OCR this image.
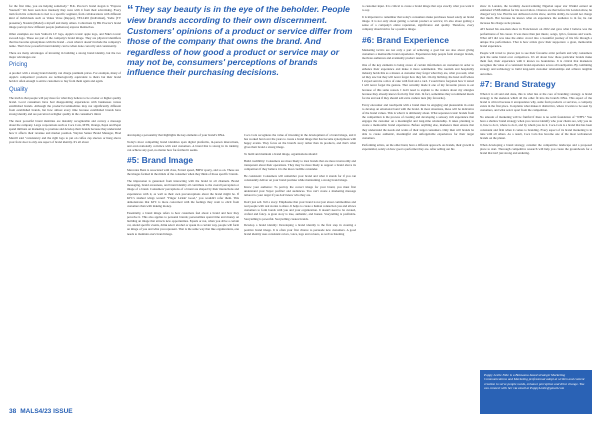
for the first time, you are helping somebody." B.K. Proctor's brand slogan is "Express Yourself." We have seen how intensely they were with it from their advertising. Every item from his collections is tied to a specific segment, from collaborations with different kind of individuals such as Venus Verse (Rapper), TELLRO (Individual), Yadie (TV presenter), Nasiani (Model) a myself and many others. Collections by BK Proctor's brand image portrays how different people (audiences) express themselves.

Other examples are Luis Vuitton's LV logo, Apple's iconic apple logo, and Nike's iconic swoosh logo. These are part of the company's brand image. They are physical identifiers that has become synonymous with the brand – even when it doesn't include the company's name. That's how powerful brand identity can be when done correctly and consistently.

There are many advantages of investing in building a strong brand identity, but the two major advantages are:

Pricing

A product with a strong brand identity can charge premium prices. For example, many of Apple's competitors' products are technologically equivalent to theirs but their brand holds it often enough to entice customers to buy from them again and again.

Quality

The truth is that people will pay more for what they believe to be a better or higher quality brand. Local consumers have had disappointing experiences with businesses versus established brands. Although the product's/commodities may not significantly different from established brands, but how almost every time because established brands have strong identity and are perceived as higher quality in the consumer's mind.

The most powerful brand identities are instantly recognizable and convey a message about the company. Large corporations such as Coca Cola, MTN, Orange, Pepsi and Pepsi spend millions on marketing to promote and develop their brands because they understand how it affects their revenue and market position. Waylon Senior Brand Manager, Brad Merrill said "consistency and the right logo to put on coffee cup sleeves or hang above your front door is only one aspect of brand identity. It's all about

“They say beauty is in the eye of the beholder. People view brands according to their own discernment. Customers' opinions of a product or service differ from those of the company that owns the brand. And regardless of how good a product or service may or may not be, consumers' perceptions of brands influence their purchasing decisions.

developing a personality that highlights the key elements of your brand's DNA.

Today's most compelling brand identities span digital platforms, in-person interactions, and even nationally convince with said customers. A brand that is strong in its identity, can achieve any goal, no matter how far-fetched it seems.

#5: Brand Image

Mercedes Benz is associated with class, Ferrari speed, BMW sporty, and so on. These are the images formed in the minds of the consumer when they think of those specific brands.

The impression is generated from interacting with the brand in all channels. Brand messaging, brand awareness, and brand identity all contribute to the overall perception or image of a brand. Consumers' perceptions of a brand are shaped by their interactions and experiences with it, as well as their own preconceptions about the brand might be. If KFC's slashed wings weren't "Finger Lickin' Good," you wouldn't refer them. This demonstrates that KFC is more concerned with the feelings they want to elicit from customers than with making money.

Essentially, a brand image refers to how customers feel about a brand and how they perceive it. This also applies to personal brands; personalities spend time and money on building an image that attracts new opportunities. Equals or not, when you drive a certain car, attend specific events, drink select alcohol or speak in a certain way, people will form an image of you and what you represent. That is the same way that like organizations, one needs to maintain one's brand image.

Coca Cola recognizes the value of investing in the development of a brand image, and it has worked hard over the years to create a brand image that has become synonymous with happy events. They focus on the brand's story rather than its products, and that's what gives their brand a strong image.

To build and maintain a brand image, organizations should:

Build credibility: Consumers are more likely to trust brands that are more trustworthy and transparent about their operations. They may be more likely to support a brand above its competitors if they believe it is the most credible contender.

Be consistent: Consumers will remember your brand and what it stands for if you can consistently deliver on your brand promise while maintaining a strong brand image.

Know your audience: To portray the correct image for your brand, you must first understand your 'buyer profiles' and audiences. You can't create a marketing message tailored to your target if you don't know who they are.

Don't just sell. Tell a story: Emphasize that your brand is not just about commodities and real people with real stories to share. It helps to create a human connection you and allows customers to form bonds with you and your organization. It doesn't need to be curated, crafted and fancy. A great story is true, authentic, and honest. Storytelling is profitable. Storytelling is powerful. Storytelling creates brands.

Develop a brand identity: Developing a brand identity is the first step in creating a positive brand image. It is often your first chance to persuade new customers. A good brand identity uses consistent colors, voice, logo and colours, as well as listening

to customer input. It is critical to create a brand image that says exactly what you want it to say.

It is important to remember that today's consumers make purchases based solely on brand image. It is not only about getting a certain product or service; it's also about getting a sense of a company's entire reputation, significance and quality. Therefore, every company should strive for a positive image.

#6: Brand Experience

Marketing tactics are not only a part of achieving a goal but are also about giving customers a memorable brand experience. Experiences help people form stronger brands, motivate audiences and eventually product results.

One of the key elements is being aware of certain information on customers in order to enhance their experience and make it more sentimental. The tourism and hospitality industry holds this as a master. A customer may forget what they ate, what you said, what ad they saw but they will never forget how they felt. On my birthday, the hotel staff where I stayed sent me a slice of cake with fruit and a card. I would have forgotten how it tasted I will never forget the gesture. That certainly made it one of my favourite places to eat because of this same reason. I don't need to explain to the waiters about my allergies because they already knows from my first visit. In fact, sometimes they recommend meals for me and ask if they should add extra cashew nuts (my favourite).

Every encounter and touchpoint with a brand must be engaging and pleasurable in order to develop an emotional bond with the brand. In most situations, these will be indicative of the brand values. This is what it is ultimately about. What separates iconic brands from the competition is the process of creating and developing a sensory rich experience that engages the customer on a meaningful and long-time relationship. It takes planning to create a memorable brand experience. Before anything else, marketers must ensure that they understand the needs and wants of their target consumers. Only then will brands be able to create authentic, meaningful and unforgettable experiences for their target customers.

Performing artists, on the other hand, have a different approach. As brands, their growth is experiential, solely on how good a performer they are. After selling out his

show in London, the Grammy Award-winning Nigerian super star Wizkid earned an estimated USD$ million for his record show. Chances are that before his London show, he charged very low. Had he not delivered on his show, and his ability, he would not charge that much. But because he knows what an experience the audience is in for, he can increase his charge as he pleases.

ATI hosted his one-man show in Francistown on 2022 and gave what I believe was the performance of his career. It was more than just music, songs, lyrics, features and words. What ATI did was take the entire crowd into a beautiful journey of his life through a unique live performance. That is how artists grow their supporters: a great, memorable brand experience.

People will travel to places just to see their favourite artist perform and why consumers pick the same brand over competitors. It's all about how those particular brands make them feel, their experience with it knows no boundaries. It is critical that marketers recognize the value of a consistent brand experience across all touchpoints. By combining strategy and technology to build long-term customer relationships and achieve tangible outcomes.

#7: Brand Strategy

When it is all said and done, this is what lies at the core of branding: strategy. A brand strategy is the skeleton which all the other fit into the brand's DNA. This aspect of the brand is critical because it encapsulates why, aside from products or services, a company exists in the first place. It explains what makes it distinctive, where it wants to be seen by customers, and what sets it apart from the competition.

No amount of marketing will be fruitful if there is no solid foundation of "WHY." You have a shallow brand strategy when you can not identify who your clients are, why you do it, how to do it, where to do it, and by whom you do it. Coca-Cola is a brand that has been consistent and firm when it comes to branding. Every aspect of its brand marketing is in tune with all others. As a result, Coca Cola has become one of the most well-known brands on the planet.

When developing a brand strategy, consider the competitive landscape and a proposed place to start. Thorough competitive research will help you create the groundwork for a brand that isn't just strong and enduring.

38 MALS4/23 ISSUE
Poppy Leslie Nthe is a Botswana based strategic Marketing Communications and Marketing professional adept at written and content creation to serve people needs, enhance perception and drive change. You can connect with her via email at PoppyLeslie@gmail.com
